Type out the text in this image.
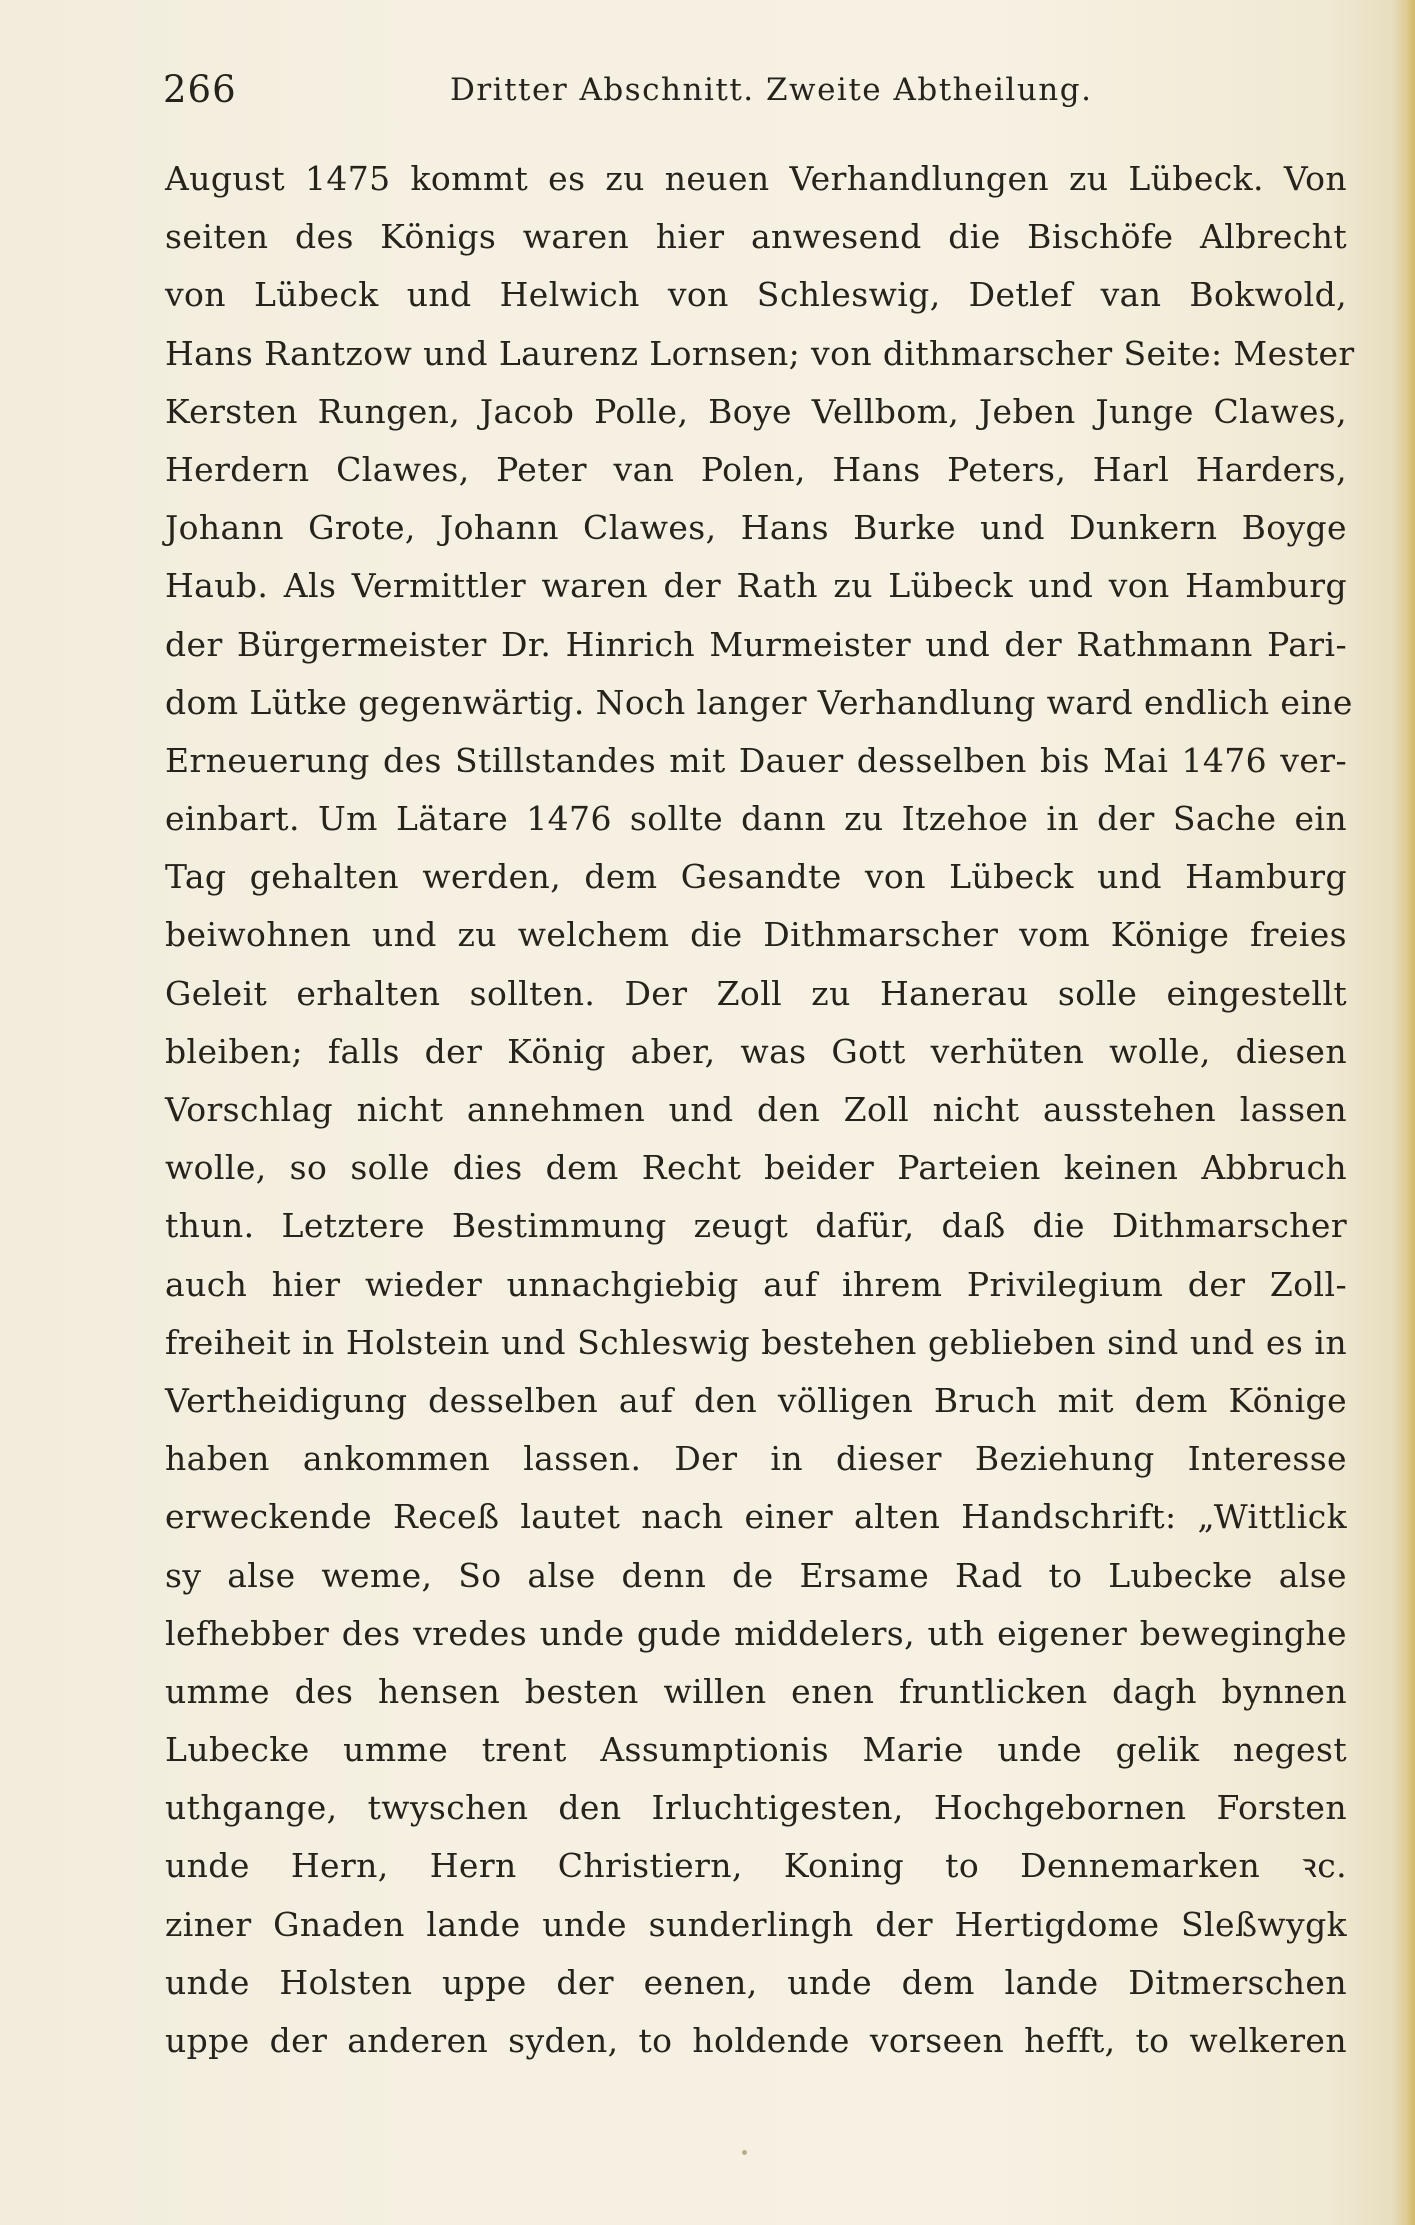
266	Dritter Abschnitt. Zweite Abtheilung.
August 1475 kommt es zu neuen Verhandlungen zu Lübeck. Von
seiten des Königs waren hier anwesend die Bischöfe Albrecht
von Lübeck und Helwich von Schleswig, Detlef van Bokwold,
Hans Rantzow und Laurenz Lornsen; von dithmarscher Seite: Mester
Kersten Rungen, Jacob Polle, Boye Vellbom, Jeben Junge Clawes,
Herdern Clawes, Peter van Polen, Hans Peters, Harl Harders,
Johann Grote, Johann Clawes, Hans Burke und Dunkern Boyge
Haub. Als Vermittler waren der Rath zu Lübeck und von Hamburg
der Bürgermeister Dr. Hinrich Murmeister und der Rathmann Pari-
dom Lütke gegenwärtig. Noch langer Verhandlung ward endlich eine
Erneuerung des Stillstandes mit Dauer desselben bis Mai 1476 ver-
einbart. Um Lätare 1476 sollte dann zu Itzehoe in der Sache ein
Tag gehalten werden, dem Gesandte von Lübeck und Hamburg
beiwohnen und zu welchem die Dithmarscher vom Könige freies
Geleit erhalten sollten. Der Zoll zu Hanerau solle eingestellt
bleiben; falls der König aber, was Gott verhüten wolle, diesen
Vorschlag nicht annehmen und den Zoll nicht ausstehen lassen
wolle, so solle dies dem Recht beider Parteien keinen Abbruch
thun. Letztere Bestimmung zeugt dafür, daß die Dithmarscher
auch hier wieder unnachgiebig auf ihrem Privilegium der Zoll-
freiheit in Holstein und Schleswig bestehen geblieben sind und es in
Vertheidigung desselben auf den völligen Bruch mit dem Könige
haben ankommen lassen. Der in dieser Beziehung Interesse
erweckende Receß lautet nach einer alten Handschrift: „Wittlick
sy alse weme, So alse denn de Ersame Rad to Lubecke alse
lefhebber des vredes unde gude middelers, uth eigener beweginghe
umme des hensen besten willen enen fruntlicken dagh bynnen
Lubecke umme trent Assumptionis Marie unde gelik negest
uthgange, twyschen den Irluchtigesten, Hochgebornen Forsten
unde Hern, Hern Christiern, Koning to Dennemarken ꝛc.
ziner Gnaden lande unde sunderlingh der Hertigdome Sleßwygk
unde Holsten uppe der eenen, unde dem lande Ditmerschen
uppe der anderen syden, to holdende vorseen hefft, to welkeren
